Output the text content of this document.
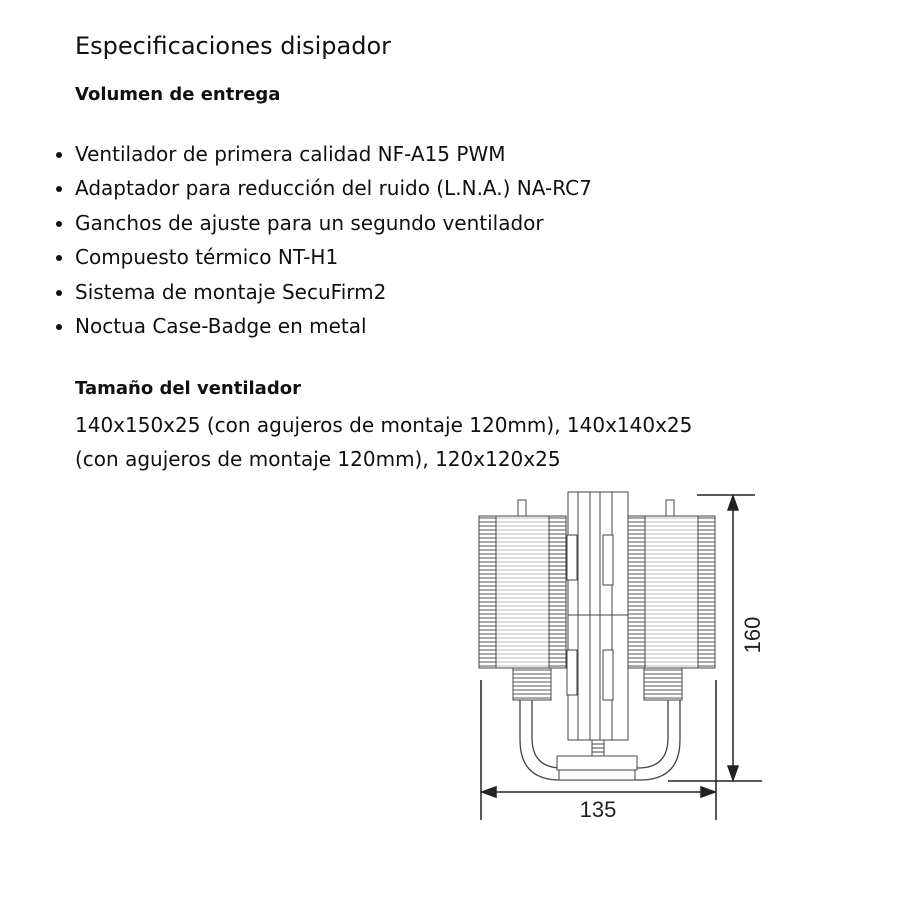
Especificaciones disipador
Volumen de entrega
• Ventilador de primera calidad NF-A15 PWM
• Adaptador para reducción del ruido (L.N.A.) NA-RC7
• Ganchos de ajuste para un segundo ventilador
• Compuesto térmico NT-H1
• Sistema de montaje SecuFirm2
• Noctua Case-Badge en metal
Tamaño del ventilador
140x150x25 (con agujeros de montaje 120mm), 140x140x25
(con agujeros de montaje 120mm), 120x120x25
160
135
